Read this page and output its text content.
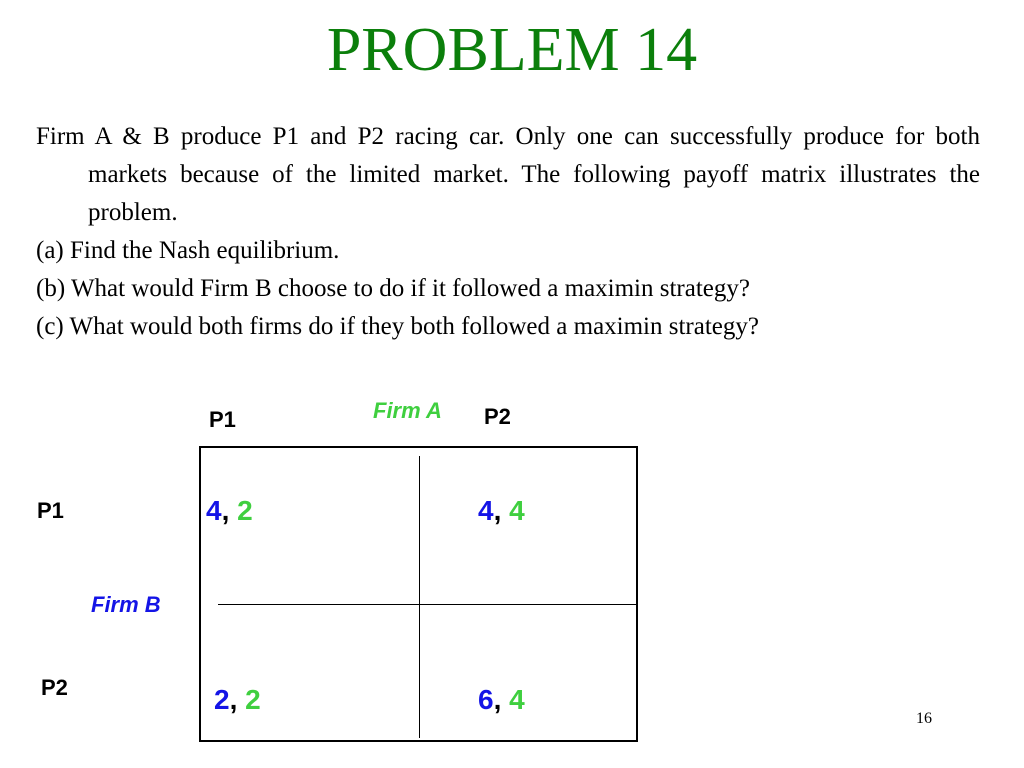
PROBLEM 14
Firm A & B produce P1 and P2 racing car. Only one can successfully produce for both markets because of the limited market. The following payoff matrix illustrates the problem.
(a) Find the Nash equilibrium.
(b) What would Firm B choose to do if it followed a maximin strategy?
(c) What would both firms do if they both followed a maximin strategy?
Firm A
P1	P2
P1
Firm B
P2
4, 2	4, 4
2, 2	6, 4
16
